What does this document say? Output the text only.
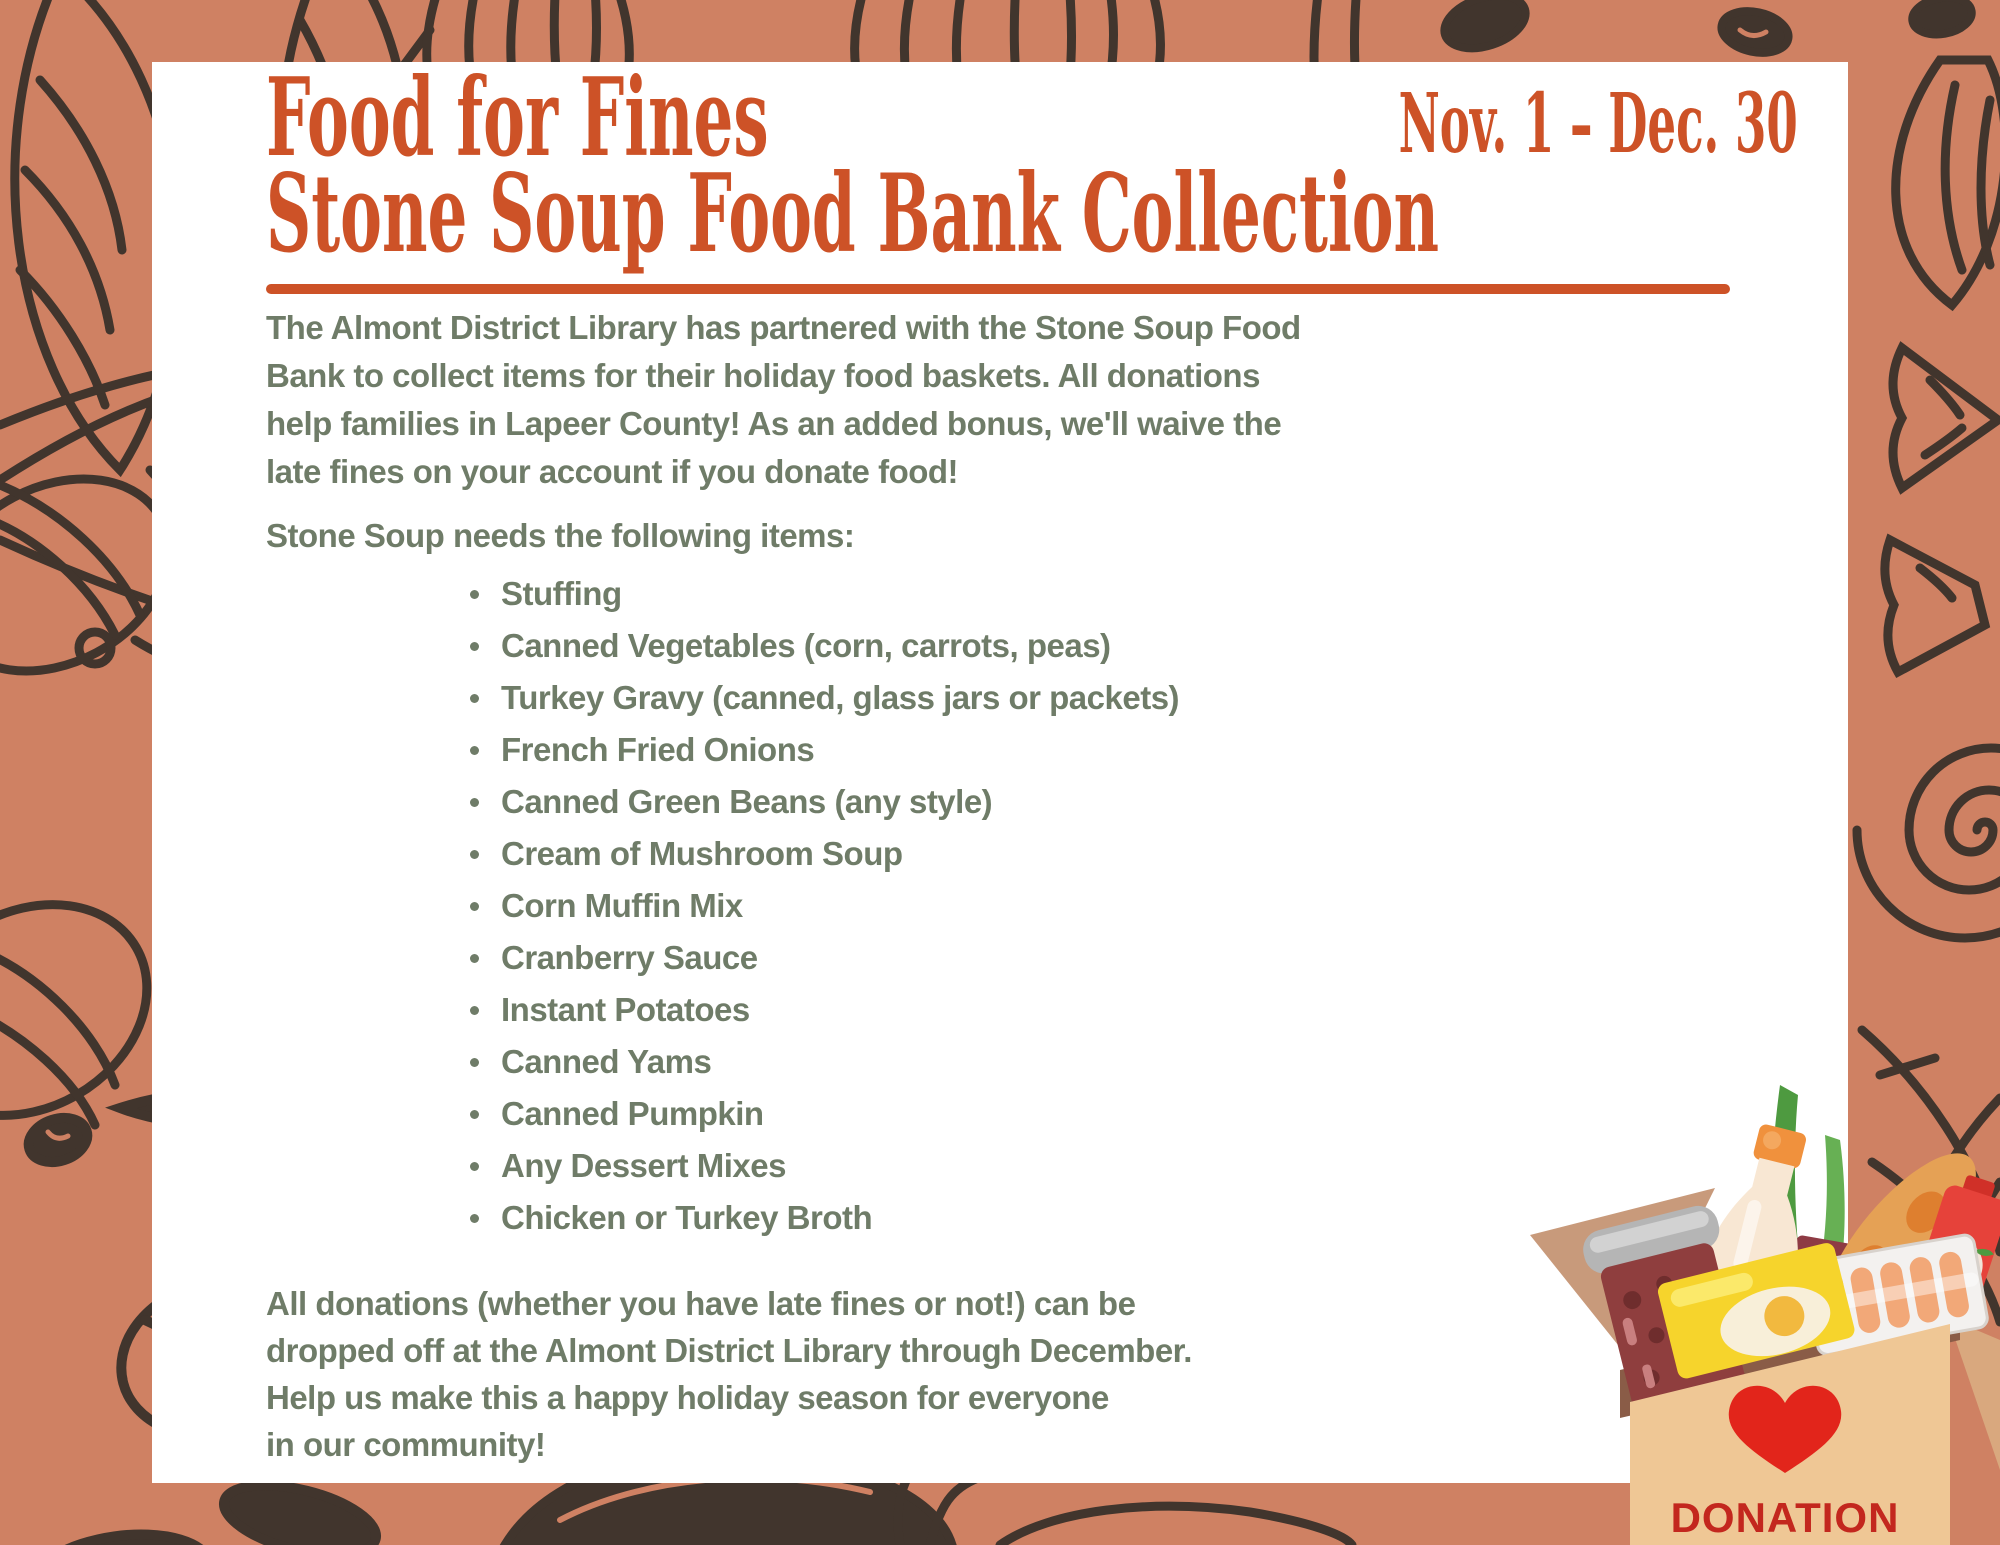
Food for Fines
Stone Soup Food Bank Collection
Nov. 1 – Dec. 30
The Almont District Library has partnered with the Stone Soup Food
Bank to collect items for their holiday food baskets. All donations
help families in Lapeer County! As an added bonus, we'll waive the
late fines on your account if you donate food!
Stone Soup needs the following items:
Stuffing
Canned Vegetables (corn, carrots, peas)
Turkey Gravy (canned, glass jars or packets)
French Fried Onions
Canned Green Beans (any style)
Cream of Mushroom Soup
Corn Muffin Mix
Cranberry Sauce
Instant Potatoes
Canned Yams
Canned Pumpkin
Any Dessert Mixes
Chicken or Turkey Broth
All donations (whether you have late fines or not!) can be
dropped off at the Almont District Library through December.
Help us make this a happy holiday season for everyone
in our community!
DONATION
